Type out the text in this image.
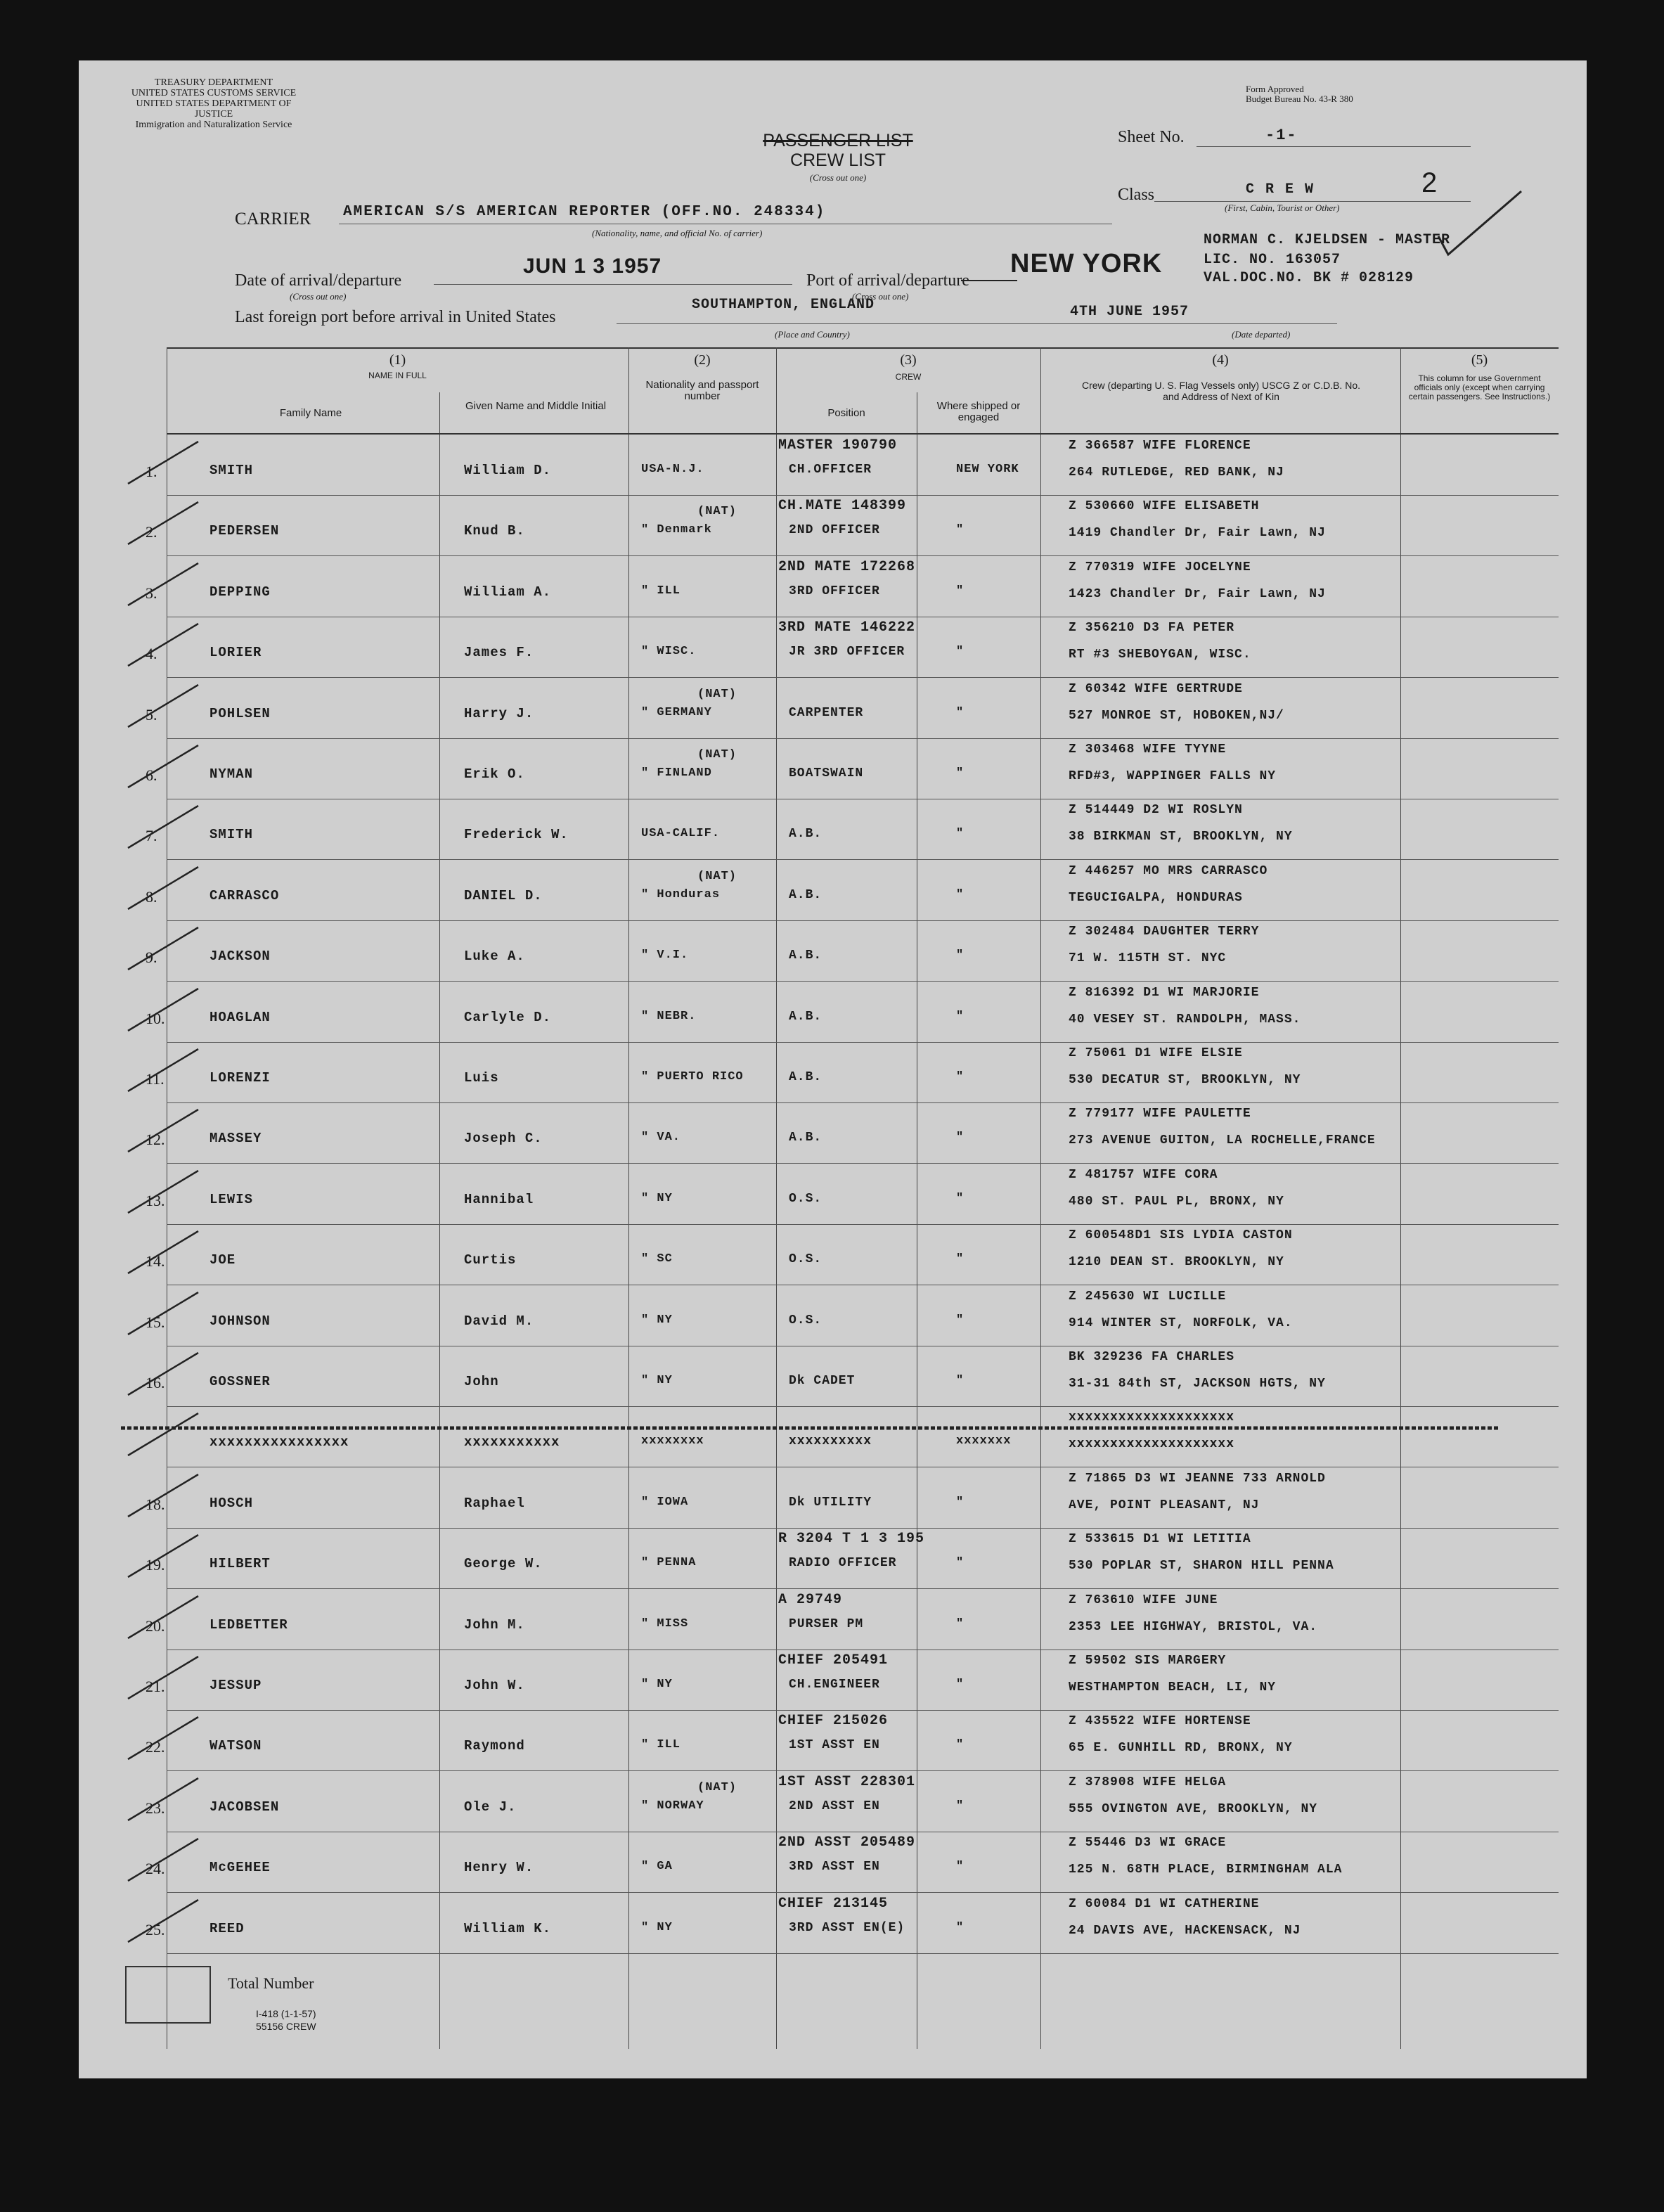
TREASURY DEPARTMENT
UNITED STATES CUSTOMS SERVICE
UNITED STATES DEPARTMENT OF JUSTICE
Immigration and Naturalization Service
Form Approved
Budget Bureau No. 43-R 380
PASSENGER LIST
CREW LIST
(Cross out one)
Sheet No.	-1-
Class	C R E W
(First, Cabin, Tourist or Other)
2
CARRIER AMERICAN S/S AMERICAN REPORTER (OFF.NO. 248334)
(Nationality, name, and official No. of carrier)	NORMAN C. KJELDSEN - MASTER
LIC. NO. 163057
VAL.DOC.NO. BK # 028129
Date of arrival/departure
(Cross out one)
JUN 1 3 1957
Port of arrival/departure
(Cross out one)
NEW YORK
Last foreign port before arrival in United States
SOUTHAMPTON, ENGLAND
(Place and Country)
4TH JUNE 1957
(Date departed)
(1)
NAME IN FULL
Family Name
Given Name and Middle Initial
(2)
Nationality and passport number
(3)
CREW
Position
Where shipped or engaged
(4)
Crew (departing U. S. Flag Vessels only) USCG Z or C.D.B. No. and Address of Next of Kin
(5)
This column for use Government officials only (except when carrying certain passengers. See Instructions.)
1.	SMITH	William D.	USA-N.J.
MASTER 190790
CH.OFFICER	NEW YORK
Z 366587 WIFE FLORENCE
264 RUTLEDGE, RED BANK, NJ
2.	PEDERSEN	Knud B.
(NAT)
" Denmark
CH.MATE 148399
2ND OFFICER	"
Z 530660 WIFE ELISABETH
1419 Chandler Dr, Fair Lawn, NJ
3.	DEPPING	William A.	" ILL
2ND MATE 172268
3RD OFFICER	"
Z 770319 WIFE JOCELYNE
1423 Chandler Dr, Fair Lawn, NJ
4.	LORIER	James F.	" WISC.
3RD MATE 146222
JR 3RD OFFICER	"
Z 356210 D3 FA PETER
RT #3 SHEBOYGAN, WISC.
5.	POHLSEN	Harry J.
(NAT)
" GERMANY	CARPENTER	"
Z 60342 WIFE GERTRUDE
527 MONROE ST, HOBOKEN,NJ/
6.	NYMAN	Erik O.
(NAT)
" FINLAND	BOATSWAIN	"
Z 303468 WIFE TYYNE
RFD#3, WAPPINGER FALLS NY
7.	SMITH	Frederick W.	USA-CALIF.	A.B.	"
Z 514449 D2 WI ROSLYN
38 BIRKMAN ST, BROOKLYN, NY
8.	CARRASCO	DANIEL D.
(NAT)
" Honduras	A.B.	"
Z 446257 MO MRS CARRASCO
TEGUCIGALPA, HONDURAS
9.	JACKSON	Luke A.	" V.I.	A.B.	"
Z 302484 DAUGHTER TERRY
71 W. 115TH ST. NYC
10.	HOAGLAN	Carlyle D.	" NEBR.	A.B.	"
Z 816392 D1 WI MARJORIE
40 VESEY ST. RANDOLPH, MASS.
11.	LORENZI	Luis	" PUERTO RICO	A.B.	"
Z 75061 D1 WIFE ELSIE
530 DECATUR ST, BROOKLYN, NY
12.	MASSEY	Joseph C.	" VA.	A.B.	"
Z 779177 WIFE PAULETTE
273 AVENUE GUITON, LA ROCHELLE,FRANCE
13.	LEWIS	Hannibal	" NY	O.S.	"
Z 481757 WIFE CORA
480 ST. PAUL PL, BRONX, NY
14.	JOE	Curtis	" SC	O.S.	"
Z 600548D1 SIS LYDIA CASTON
1210 DEAN ST. BROOKLYN, NY
15.	JOHNSON	David M.	" NY	O.S.	"
Z 245630 WI LUCILLE
914 WINTER ST, NORFOLK, VA.
16.	GOSSNER	John	" NY	Dk CADET	"
BK 329236 FA CHARLES
31-31 84th ST, JACKSON HGTS, NY
xxxxxxxxxxxxxxxx	xxxxxxxxxxx	xxxxxxxx	xxxxxxxxxx	xxxxxxx
xxxxxxxxxxxxxxxxxxxx
xxxxxxxxxxxxxxxxxxxx
18.	HOSCH	Raphael	" IOWA	Dk UTILITY	"
Z 71865 D3 WI JEANNE 733 ARNOLD
AVE, POINT PLEASANT, NJ
19.	HILBERT	George W.	" PENNA
R 3204 T 1 3 195
RADIO OFFICER	"
Z 533615 D1 WI LETITIA
530 POPLAR ST, SHARON HILL PENNA
20.	LEDBETTER	John M.	" MISS
A 29749
PURSER PM	"
Z 763610 WIFE JUNE
2353 LEE HIGHWAY, BRISTOL, VA.
21.	JESSUP	John W.	" NY
CHIEF 205491
CH.ENGINEER	"
Z 59502 SIS MARGERY
WESTHAMPTON BEACH, LI, NY
22.	WATSON	Raymond	" ILL
CHIEF 215026
1ST ASST EN	"
Z 435522 WIFE HORTENSE
65 E. GUNHILL RD, BRONX, NY
23.	JACOBSEN	Ole J.
(NAT)
" NORWAY
1ST ASST 228301
2ND ASST EN	"
Z 378908 WIFE HELGA
555 OVINGTON AVE, BROOKLYN, NY
24.	McGEHEE	Henry W.	" GA
2ND ASST 205489
3RD ASST EN	"
Z 55446 D3 WI GRACE
125 N. 68TH PLACE, BIRMINGHAM ALA
25.	REED	William K.	" NY
CHIEF 213145
3RD ASST EN(E)	"
Z 60084 D1 WI CATHERINE
24 DAVIS AVE, HACKENSACK, NJ
Total Number
I-418 (1-1-57)
55156 CREW
